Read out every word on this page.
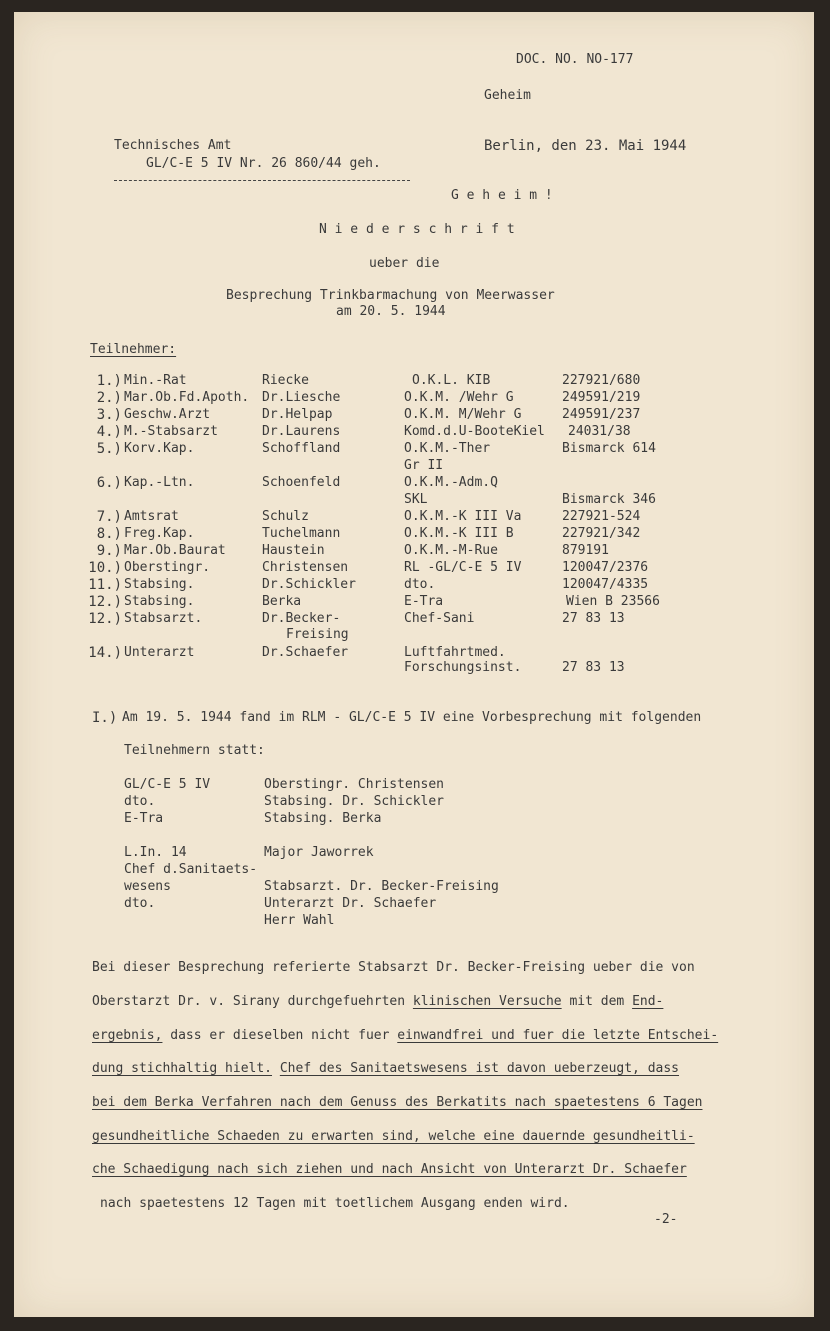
DOC. NO. NO-177
Geheim
Technisches Amt
GL/C-E 5 IV Nr. 26 860/44 geh.
Berlin, den 23. Mai 1944
G e h e i m !
N i e d e r s c h r i f t
ueber die
Besprechung Trinkbarmachung von Meerwasser
am 20. 5. 1944
Teilnehmer:
1.) Min.-Rat	Riecke	O.K.L. KIB	227921/680
2.) Mar.Ob.Fd.Apoth. Dr.Liesche	O.K.M. /Wehr G	249591/219
3.) Geschw.Arzt	Dr.Helpap	O.K.M. M/Wehr G	249591/237
4.) M.-Stabsarzt	Dr.Laurens	Komd.d.U-BooteKiel 24031/38
5.) Korv.Kap.	Schoffland	O.K.M.-Ther	Bismarck 614
Gr II
6.) Kap.-Ltn.	Schoenfeld	O.K.M.-Adm.Q
SKL	Bismarck 346
7.) Amtsrat	Schulz	O.K.M.-K III Va	227921-524
8.) Freg.Kap.	Tuchelmann	O.K.M.-K III B	227921/342
9.) Mar.Ob.Baurat	Haustein	O.K.M.-M-Rue	879191
10.) Oberstingr.	Christensen	RL -GL/C-E 5 IV	120047/2376
11.) Stabsing.	Dr.Schickler	dto.	120047/4335
12.) Stabsing.	Berka	E-Tra	Wien B 23566
12.) Stabsarzt.	Dr.Becker-	Chef-Sani	27 83 13
Freising
14.) Unterarzt	Dr.Schaefer	Luftfahrtmed.
Forschungsinst.	27 83 13
I.) Am 19. 5. 1944 fand im RLM - GL/C-E 5 IV eine Vorbesprechung mit folgenden
Teilnehmern statt:
GL/C-E 5 IV	Oberstingr. Christensen
dto.	Stabsing. Dr. Schickler
E-Tra	Stabsing. Berka
L.In. 14	Major Jaworrek
Chef d.Sanitaets-
wesens	Stabsarzt. Dr. Becker-Freising
dto.	Unterarzt Dr. Schaefer
Herr Wahl
Bei dieser Besprechung referierte Stabsarzt Dr. Becker-Freising ueber die von
Oberstarzt Dr. v. Sirany durchgefuehrten klinischen Versuche mit dem End-
ergebnis, dass er dieselben nicht fuer einwandfrei und fuer die letzte Entschei-
dung stichhaltig hielt. Chef des Sanitaetswesens ist davon ueberzeugt, dass
bei dem Berka Verfahren nach dem Genuss des Berkatits nach spaetestens 6 Tagen
gesundheitliche Schaeden zu erwarten sind, welche eine dauernde gesundheitli-
che Schaedigung nach sich ziehen und nach Ansicht von Unterarzt Dr. Schaefer
nach spaetestens 12 Tagen mit toetlichem Ausgang enden wird.
-2-
